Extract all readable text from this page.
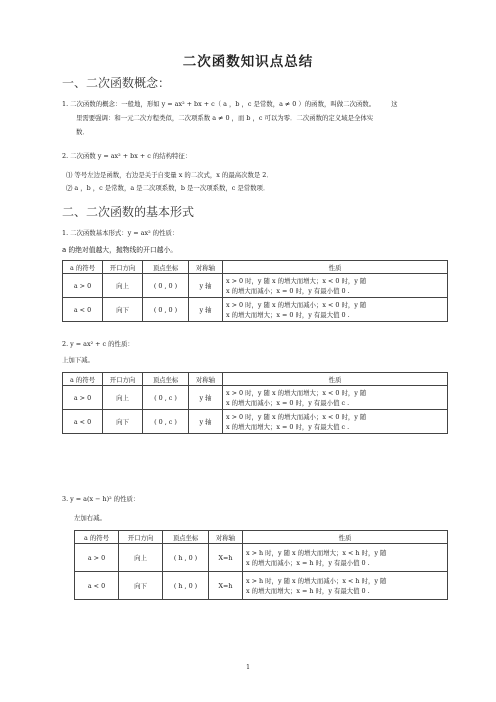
二次函数知识点总结
一、二次函数概念：
1. 二次函数的概念：一般地，形如 y = ax² + bx + c（ a ，b ，c 是常数，a ≠ 0 ）的函数，叫做二次函数。　　　这
里需要强调：和一元二次方程类似，二次项系数 a ≠ 0 ，而 b ，c 可以为零．二次函数的定义域是全体实
数．
2. 二次函数 y = ax² + bx + c 的结构特征：
⑴ 等号左边是函数，右边是关于自变量 x 的二次式，x 的最高次数是 2．
⑵ a ，b ，c 是常数，a 是二次项系数，b 是一次项系数，c 是常数项．
二、二次函数的基本形式
1. 二次函数基本形式：y = ax² 的性质：
a 的绝对值越大，抛物线的开口越小。
a 的符号	开口方向	顶点坐标	对称轴	性质
a > 0	向上	( 0 , 0 )	y 轴	x > 0 时，y 随 x 的增大而增大；x < 0 时，y 随
x 的增大而减小；x = 0 时，y 有最小值 0 .

a < 0	向下	( 0 , 0 )	y 轴	x > 0 时，y 随 x 的增大而减小；x < 0 时，y 随
x 的增大而增大；x = 0 时，y 有最大值 0 .
2. y = ax² + c 的性质：
上加下减。
a 的符号	开口方向	顶点坐标	对称轴	性质
a > 0	向上	( 0 , c )	y 轴	x > 0 时，y 随 x 的增大而增大；x < 0 时，y 随
x 的增大而减小；x = 0 时，y 有最小值 c .

a < 0	向下	( 0 , c )	y 轴	x > 0 时，y 随 x 的增大而减小；x < 0 时，y 随
x 的增大而增大；x = 0 时，y 有最大值 c .
3. y = a(x − h)² 的性质：
左加右减。
a 的符号	开口方向	顶点坐标	对称轴	性质
a > 0	向上	( h , 0 )	X=h	x > h 时，y 随 x 的增大而增大；x < h 时，y 随
x 的增大而减小；x = h 时，y 有最小值 0 .

a < 0	向下	( h , 0 )	X=h	x > h 时，y 随 x 的增大而减小；x < h 时，y 随
x 的增大而增大；x = h 时，y 有最大值 0 .
1
